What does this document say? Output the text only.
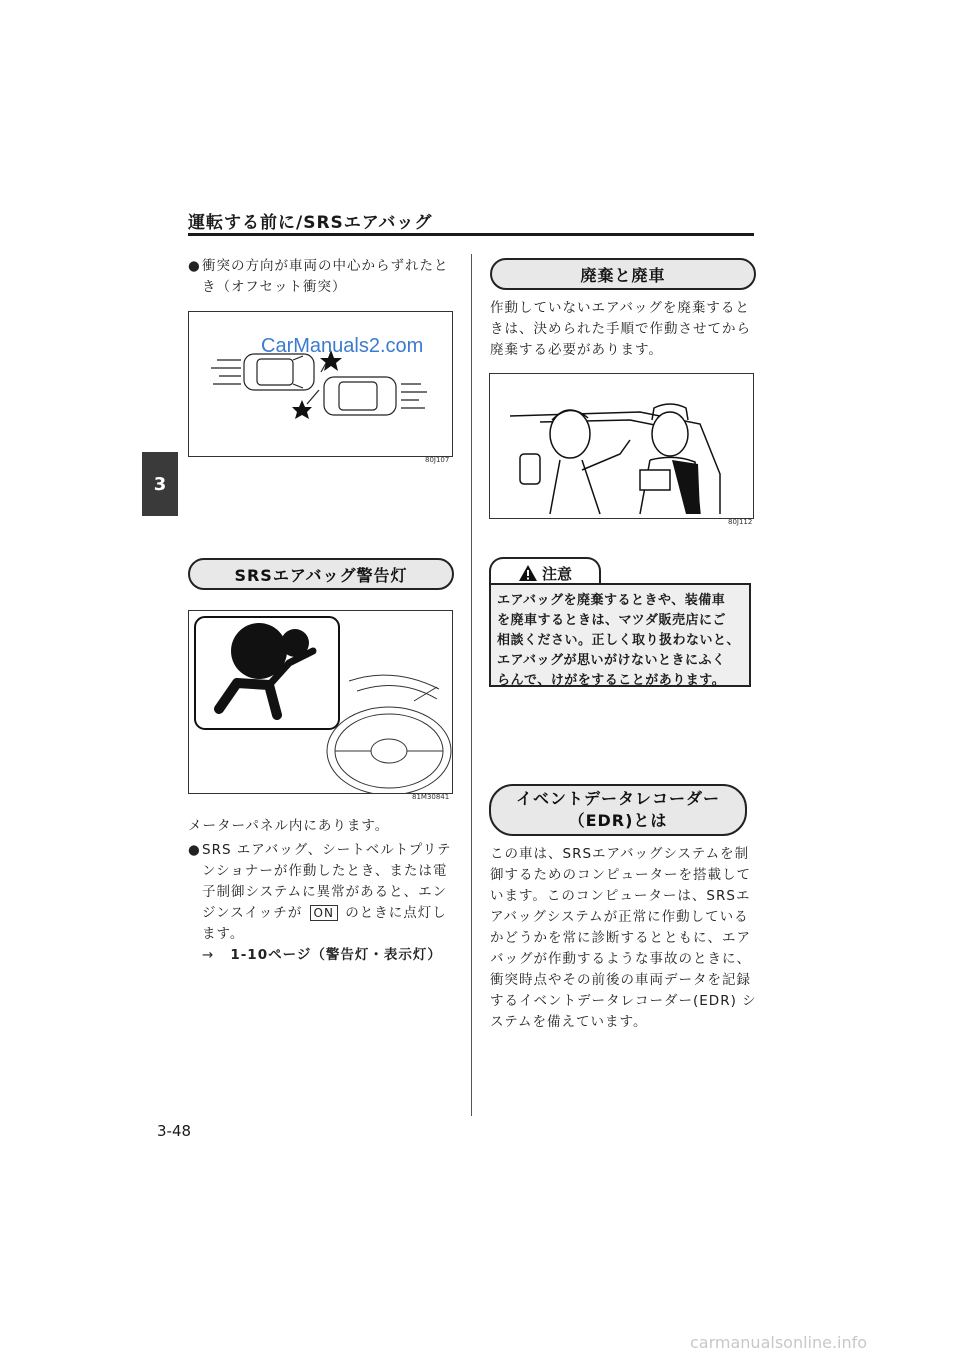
運転する前に/SRSエアバッグ
3
● 衝突の方向が車両の中心からずれたと
き（オフセット衝突）
CarManuals2.com
80J107
SRSエアバッグ警告灯
81M30841
メーターパネル内にあります。
● SRS エアバッグ、シートベルトプリテ
ンショナーが作動したとき、または電
子制御システムに異常があると、エン
ジンスイッチが ON のときに点灯し
ます。
→ 1-10ページ（警告灯・表示灯）
廃棄と廃車
作動していないエアバッグを廃棄すると
きは、決められた手順で作動させてから
廃棄する必要があります。
80J112
注意
エアバッグを廃棄するときや、装備車
を廃車するときは、マツダ販売店にご
相談ください。正しく取り扱わないと、
エアバッグが思いがけないときにふく
らんで、けがをすることがあります。
イベントデータレコーダー
（EDR)とは
この車は、SRSエアバッグシステムを制
御するためのコンピューターを搭載して
います。このコンピューターは、SRSエ
アバッグシステムが正常に作動している
かどうかを常に診断するとともに、エア
バッグが作動するような事故のときに、
衝突時点やその前後の車両データを記録
するイベントデータレコーダー(EDR) シ
ステムを備えています。
3-48
carmanualsonline.info
